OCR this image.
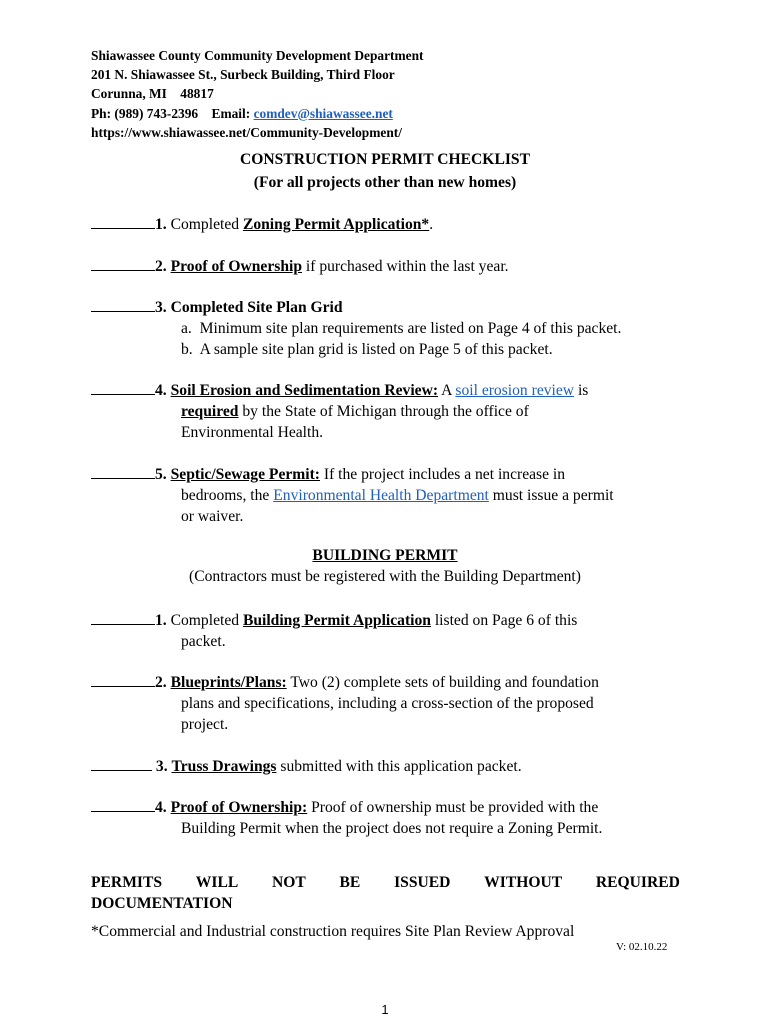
Shiawassee County Community Development Department
201 N. Shiawassee St., Surbeck Building, Third Floor
Corunna, MI    48817
Ph: (989) 743-2396 Email: comdev@shiawassee.net
https://www.shiawassee.net/Community-Development/
CONSTRUCTION PERMIT CHECKLIST
(For all projects other than new homes)
1. Completed Zoning Permit Application*.
2. Proof of Ownership if purchased within the last year.
3. Completed Site Plan Grid
a.  Minimum site plan requirements are listed on Page 4 of this packet.
b.  A sample site plan grid is listed on Page 5 of this packet.
4. Soil Erosion and Sedimentation Review: A soil erosion review is
required by the State of Michigan through the office of
Environmental Health.
5. Septic/Sewage Permit: If the project includes a net increase in
bedrooms, the Environmental Health Department must issue a permit
or waiver.
BUILDING PERMIT
(Contractors must be registered with the Building Department)
1. Completed Building Permit Application listed on Page 6 of this
packet.
2. Blueprints/Plans: Two (2) complete sets of building and foundation
plans and specifications, including a cross-section of the proposed
project.
3. Truss Drawings submitted with this application packet.
4. Proof of Ownership: Proof of ownership must be provided with the
Building Permit when the project does not require a Zoning Permit.
PERMITS WILL NOT BE ISSUED WITHOUT REQUIRED
DOCUMENTATION
*Commercial and Industrial construction requires Site Plan Review Approval
V: 02.10.22
1
